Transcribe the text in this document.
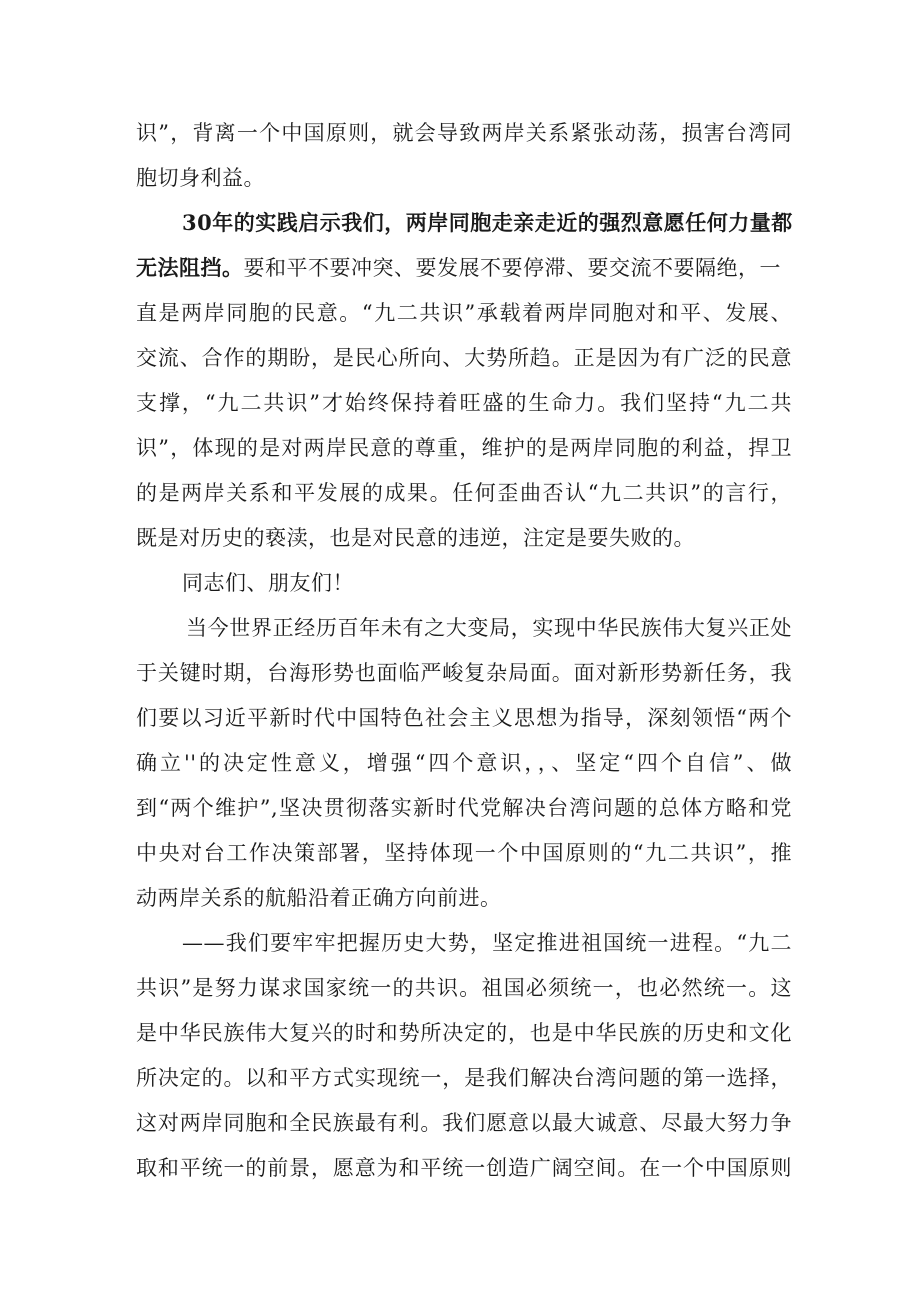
识”，背离一个中国原则，就会导致两岸关系紧张动荡，损害台湾同
胞切身利益。
30年的实践启示我们，两岸同胞走亲走近的强烈意愿任何力量都
无法阻挡。要和平不要冲突、要发展不要停滞、要交流不要隔绝，一
直是两岸同胞的民意。“九二共识”承载着两岸同胞对和平、发展、
交流、合作的期盼，是民心所向、大势所趋。正是因为有广泛的民意
支撑，“九二共识”才始终保持着旺盛的生命力。我们坚持“九二共
识”，体现的是对两岸民意的尊重，维护的是两岸同胞的利益，捍卫
的是两岸关系和平发展的成果。任何歪曲否认“九二共识”的言行，
既是对历史的亵渎，也是对民意的违逆，注定是要失败的。
同志们、朋友们！
当今世界正经历百年未有之大变局，实现中华民族伟大复兴正处
于关键时期，台海形势也面临严峻复杂局面。面对新形势新任务，我
们要以习近平新时代中国特色社会主义思想为指导，深刻领悟“两个
确立''的决定性意义，增强“四个意识，，、坚定“四个自信”、做
到“两个维护”,坚决贯彻落实新时代党解决台湾问题的总体方略和党
中央对台工作决策部署，坚持体现一个中国原则的“九二共识”，推
动两岸关系的航船沿着正确方向前进。
——我们要牢牢把握历史大势，坚定推进祖国统一进程。“九二
共识”是努力谋求国家统一的共识。祖国必须统一，也必然统一。这
是中华民族伟大复兴的时和势所决定的，也是中华民族的历史和文化
所决定的。以和平方式实现统一，是我们解决台湾问题的第一选择，
这对两岸同胞和全民族最有利。我们愿意以最大诚意、尽最大努力争
取和平统一的前景，愿意为和平统一创造广阔空间。在一个中国原则
